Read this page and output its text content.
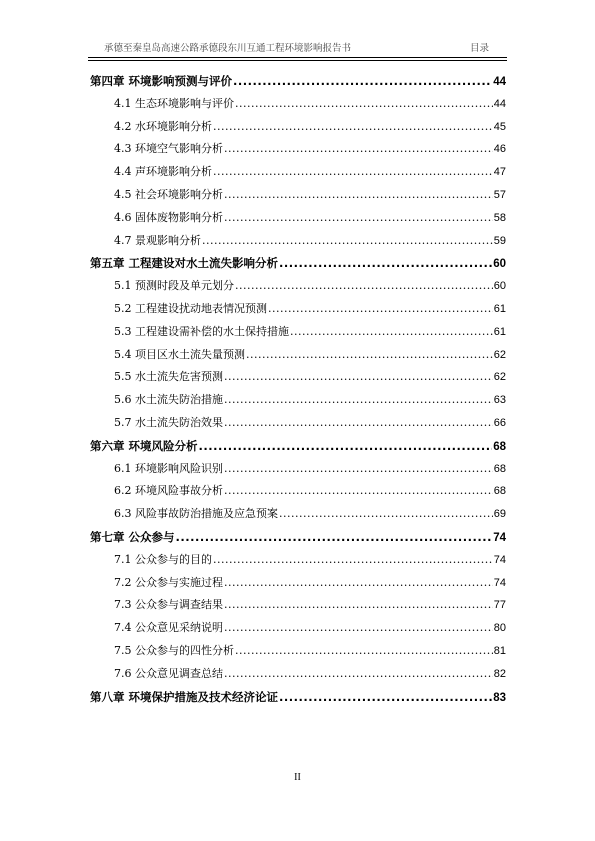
承德至秦皇岛高速公路承德段东川互通工程环境影响报告书	目录
第四章 环境影响预测与评价 .....	44
4.1 生态环境影响与评价 .....	44
4.2 水环境影响分析 .....	45
4.3 环境空气影响分析 .....	46
4.4 声环境影响分析 .....	47
4.5 社会环境影响分析 .....	57
4.6 固体废物影响分析 .....	58
4.7 景观影响分析 .....	59
第五章 工程建设对水土流失影响分析 .....	60
5.1 预测时段及单元划分 .....	60
5.2 工程建设扰动地表情况预测 .....	61
5.3 工程建设需补偿的水土保持措施 .....	61
5.4 项目区水土流失量预测 .....	62
5.5 水土流失危害预测 .....	62
5.6 水土流失防治措施 .....	63
5.7 水土流失防治效果 .....	66
第六章 环境风险分析 .....	68
6.1 环境影响风险识别 .....	68
6.2 环境风险事故分析 .....	68
6.3 风险事故防治措施及应急预案 .....	69
第七章 公众参与 .....	74
7.1 公众参与的目的 .....	74
7.2 公众参与实施过程 .....	74
7.3 公众参与调查结果 .....	77
7.4 公众意见采纳说明 .....	80
7.5 公众参与的四性分析 .....	81
7.6 公众意见调查总结 .....	82
第八章 环境保护措施及技术经济论证 .....	83
II
